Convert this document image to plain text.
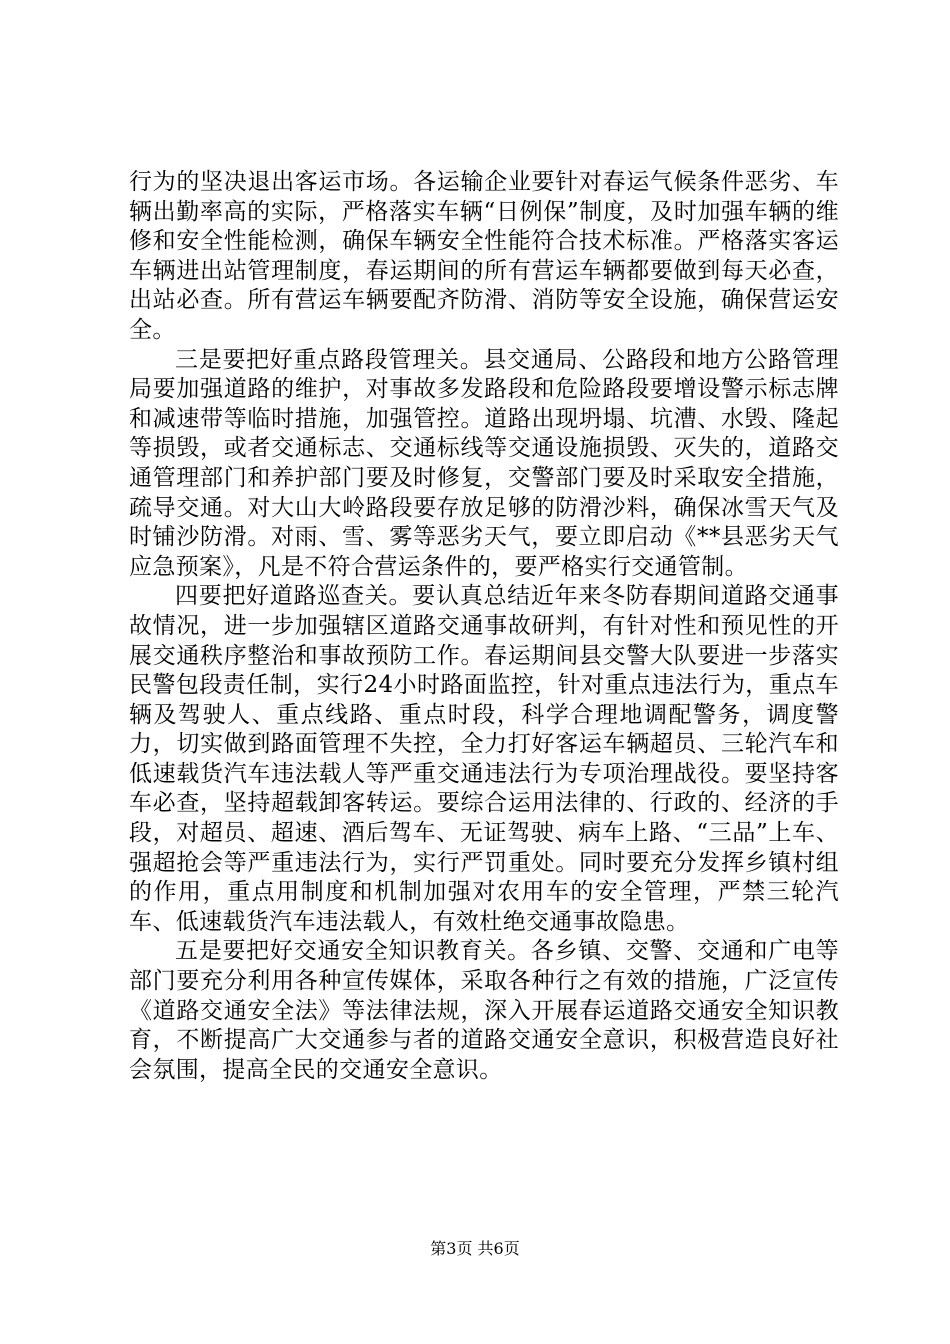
行为的坚决退出客运市场。各运输企业要针对春运气候条件恶劣、车辆出勤率高的实际，严格落实车辆“日例保”制度，及时加强车辆的维修和安全性能检测，确保车辆安全性能符合技术标准。严格落实客运车辆进出站管理制度，春运期间的所有营运车辆都要做到每天必查，出站必查。所有营运车辆要配齐防滑、消防等安全设施，确保营运安全。

三是要把好重点路段管理关。县交通局、公路段和地方公路管理局要加强道路的维护，对事故多发路段和危险路段要增设警示标志牌和减速带等临时措施，加强管控。道路出现坍塌、坑漕、水毁、隆起等损毁，或者交通标志、交通标线等交通设施损毁、灭失的，道路交通管理部门和养护部门要及时修复，交警部门要及时采取安全措施，疏导交通。对大山大岭路段要存放足够的防滑沙料，确保冰雪天气及时铺沙防滑。对雨、雪、雾等恶劣天气，要立即启动《**县恶劣天气应急预案》，凡是不符合营运条件的，要严格实行交通管制。

四要把好道路巡查关。要认真总结近年来冬防春期间道路交通事故情况，进一步加强辖区道路交通事故研判，有针对性和预见性的开展交通秩序整治和事故预防工作。春运期间县交警大队要进一步落实民警包段责任制，实行24小时路面监控，针对重点违法行为，重点车辆及驾驶人、重点线路、重点时段，科学合理地调配警务，调度警力，切实做到路面管理不失控，全力打好客运车辆超员、三轮汽车和低速载货汽车违法载人等严重交通违法行为专项治理战役。要坚持客车必查，坚持超载卸客转运。要综合运用法律的、行政的、经济的手段，对超员、超速、酒后驾车、无证驾驶、病车上路、“三品”上车、强超抢会等严重违法行为，实行严罚重处。同时要充分发挥乡镇村组的作用，重点用制度和机制加强对农用车的安全管理，严禁三轮汽车、低速载货汽车违法载人，有效杜绝交通事故隐患。

五是要把好交通安全知识教育关。各乡镇、交警、交通和广电等部门要充分利用各种宣传媒体，采取各种行之有效的措施，广泛宣传《道路交通安全法》等法律法规，深入开展春运道路交通安全知识教育，不断提高广大交通参与者的道路交通安全意识，积极营造良好社会氛围，提高全民的交通安全意识。

第3页 共6页
